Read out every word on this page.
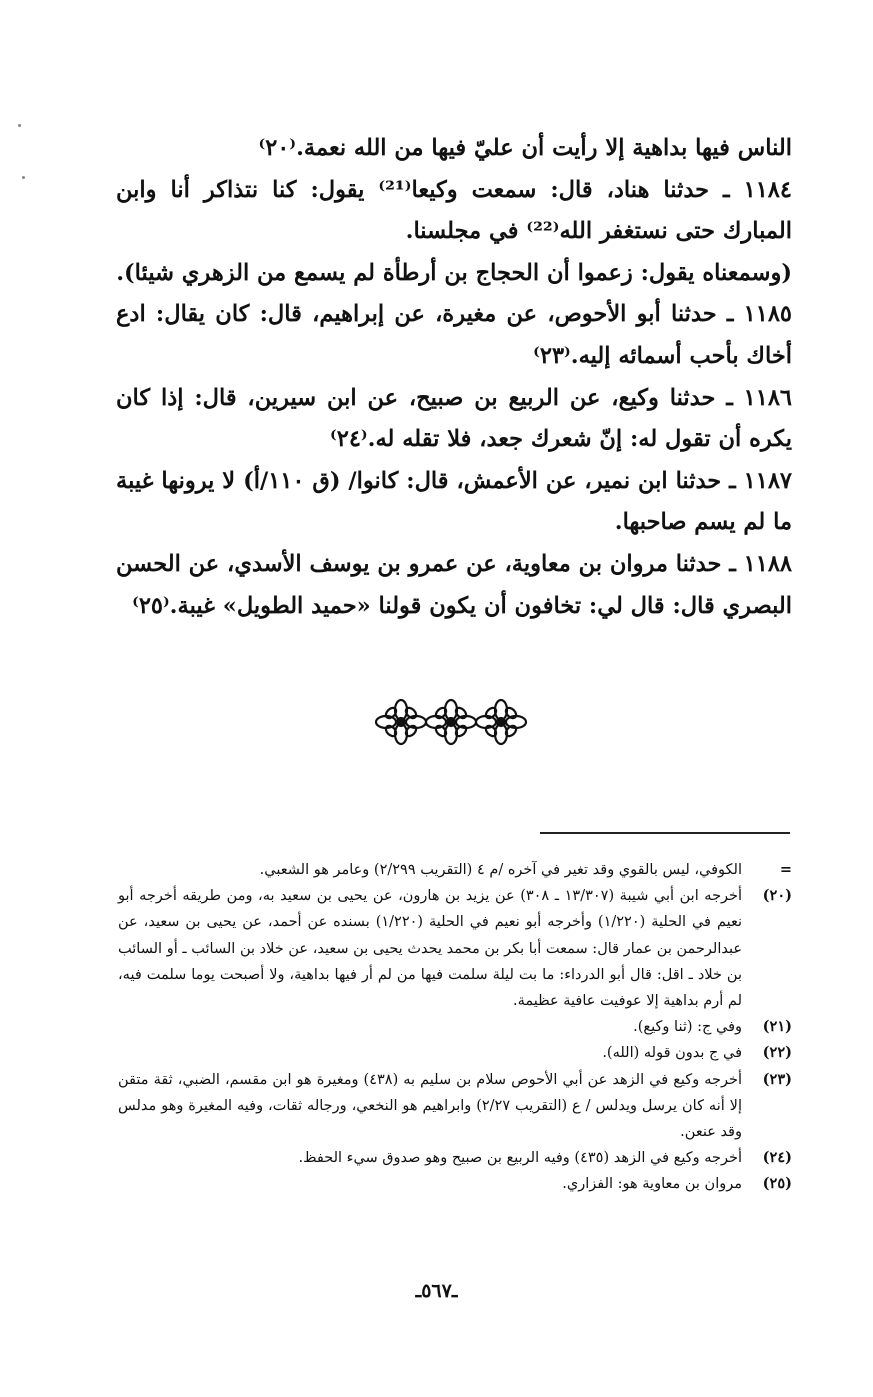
الناس فيها بداهية إلا رأيت أن عليّ فيها من الله نعمة.⁽٢٠⁾

١١٨٤ ـ حدثنا هناد، قال: سمعت وكيعا⁽²¹⁾ يقول: كنا نتذاكر أنا وابن المبارك حتى نستغفر الله⁽²²⁾ في مجلسنا.

(وسمعناه يقول: زعموا أن الحجاج بن أرطأة لم يسمع من الزهري شيئا).

١١٨٥ ـ حدثنا أبو الأحوص، عن مغيرة، عن إبراهيم، قال: كان يقال: ادع أخاك بأحب أسمائه إليه.⁽٢٣⁾

١١٨٦ ـ حدثنا وكيع، عن الربيع بن صبيح، عن ابن سيرين، قال: إذا كان يكره أن تقول له: إنّ شعرك جعد، فلا تقله له.⁽٢٤⁾

١١٨٧ ـ حدثنا ابن نمير، عن الأعمش، قال: كانوا/ (ق ١١٠/أ) لا يرونها غيبة ما لم يسم صاحبها.

١١٨٨ ـ حدثنا مروان بن معاوية، عن عمرو بن يوسف الأسدي، عن الحسن البصري قال: قال لي: تخافون أن يكون قولنا «حميد الطويل» غيبة.⁽٢٥⁾

=
الكوفي، ليس بالقوي وقد تغير في آخره /م ٤ (التقريب ٢/٢٩٩) وعامر هو الشعبي.
(٢٠)
أخرجه ابن أبي شيبة (١٣/٣٠٧ ـ ٣٠٨) عن يزيد بن هارون، عن يحيى بن سعيد به، ومن طريقه أخرجه أبو نعيم في الحلية (١/٢٢٠) وأخرجه أبو نعيم في الحلية (١/٢٢٠) بسنده عن أحمد، عن يحيى بن سعيد، عن عبدالرحمن بن عمار قال: سمعت أبا بكر بن محمد يحدث يحيى بن سعيد، عن خلاد بن السائب ـ أو السائب بن خلاد ـ اقل: قال أبو الدرداء: ما بت ليلة سلمت فيها من لم أر فيها بداهية، ولا أصبحت يوما سلمت فيه، لم أرم بداهية إلا عوفيت عافية عظيمة.
(٢١)
وفي ج: (ثنا وكيع).
(٢٢)
في ج بدون قوله (الله).
(٢٣)
أخرجه وكيع في الزهد عن أبي الأحوص سلام بن سليم به (٤٣٨) ومغيرة هو ابن مقسم، الضبي، ثقة متقن إلا أنه كان يرسل ويدلس / ع (التقريب ٢/٢٧) وابراهيم هو النخعي، ورجاله ثقات، وفيه المغيرة وهو مدلس وقد عنعن.
(٢٤)
أخرجه وكيع في الزهد (٤٣٥) وفيه الربيع بن صبيح وهو صدوق سيء الحفظ.
(٢٥)
مروان بن معاوية هو: الفزاري.
ـ٥٦٧ـ
